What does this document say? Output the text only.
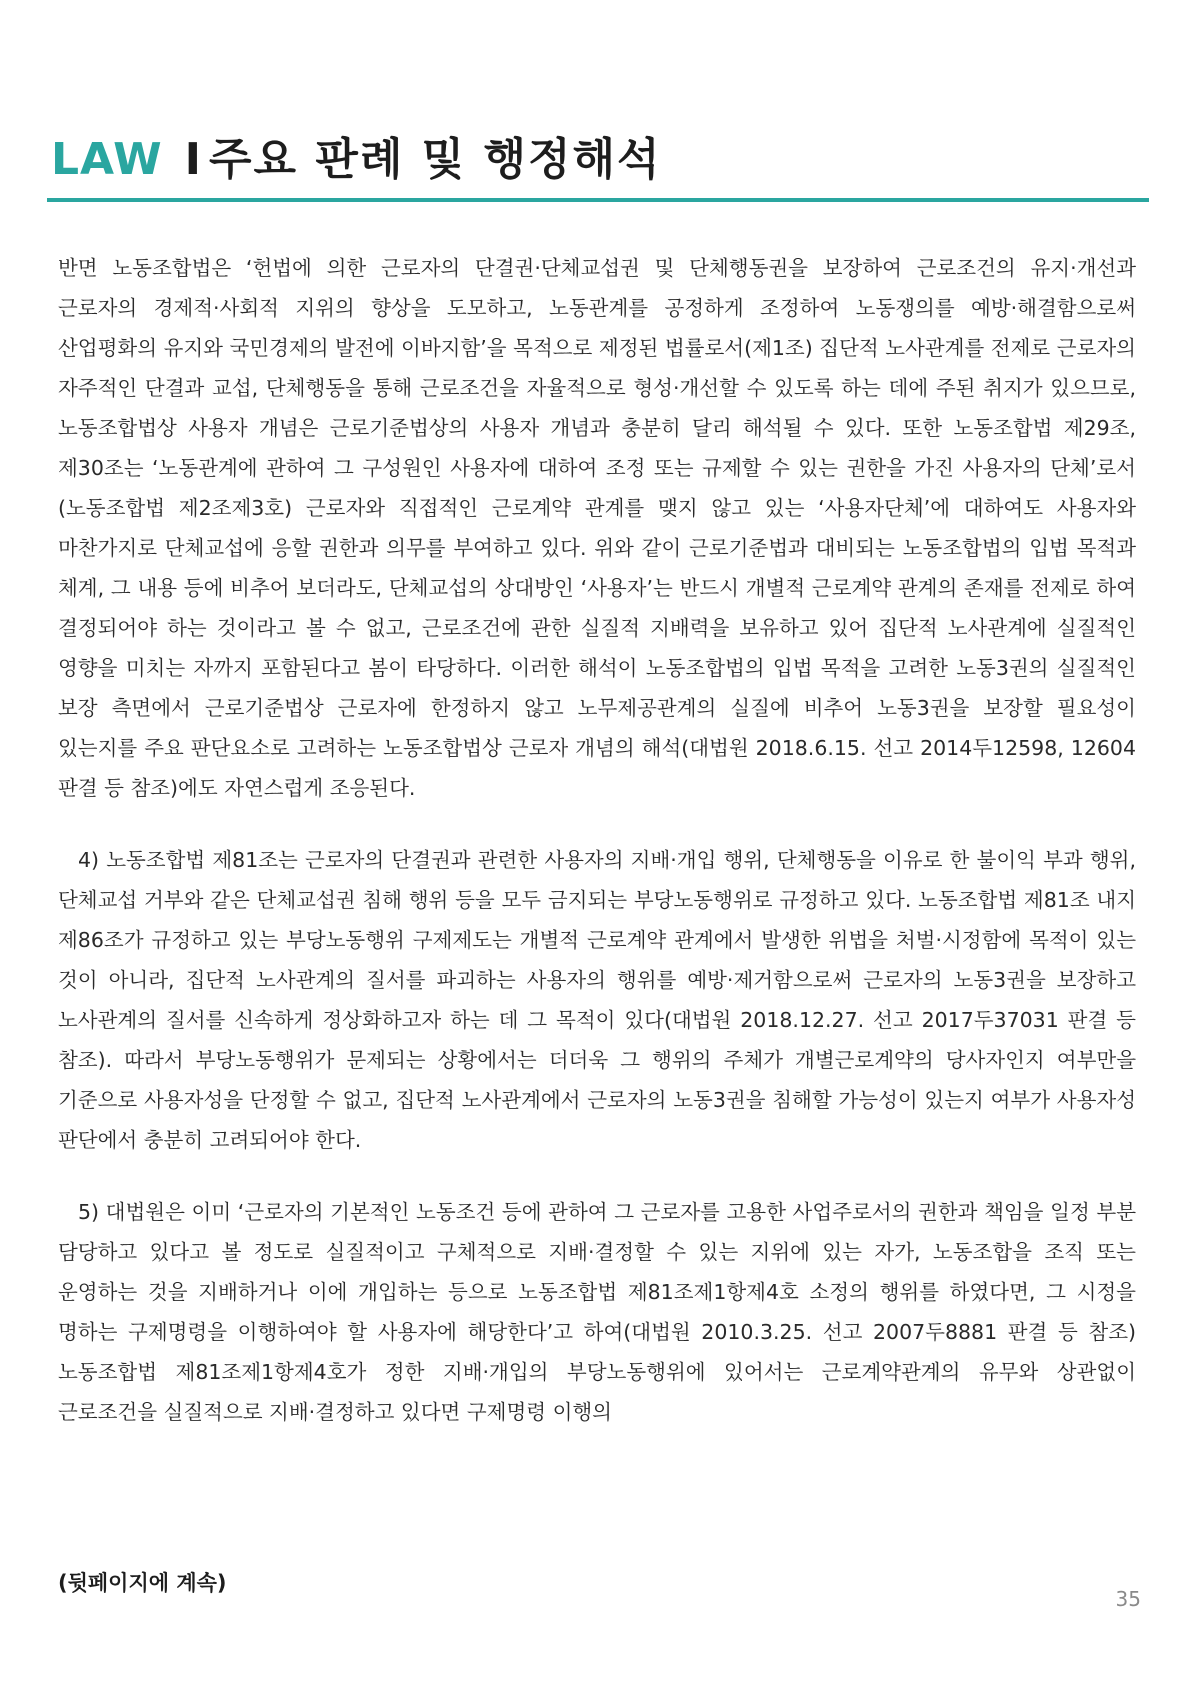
LAW I 주요 판례 및 행정해석

반면 노동조합법은 ‘헌법에 의한 근로자의 단결권·단체교섭권 및 단체행동권을 보장하여 근로조건의 유지·개선과 근로자의 경제적·사회적 지위의 향상을 도모하고, 노동관계를 공정하게 조정하여 노동쟁의를 예방·해결함으로써 산업평화의 유지와 국민경제의 발전에 이바지함’을 목적으로 제정된 법률로서(제1조) 집단적 노사관계를 전제로 근로자의 자주적인 단결과 교섭, 단체행동을 통해 근로조건을 자율적으로 형성·개선할 수 있도록 하는 데에 주된 취지가 있으므로, 노동조합법상 사용자 개념은 근로기준법상의 사용자 개념과 충분히 달리 해석될 수 있다. 또한 노동조합법 제29조, 제30조는 ‘노동관계에 관하여 그 구성원인 사용자에 대하여 조정 또는 규제할 수 있는 권한을 가진 사용자의 단체’로서(노동조합법 제2조제3호) 근로자와 직접적인 근로계약 관계를 맺지 않고 있는 ‘사용자단체’에 대하여도 사용자와 마찬가지로 단체교섭에 응할 권한과 의무를 부여하고 있다. 위와 같이 근로기준법과 대비되는 노동조합법의 입법 목적과 체계, 그 내용 등에 비추어 보더라도, 단체교섭의 상대방인 ‘사용자’는 반드시 개별적 근로계약 관계의 존재를 전제로 하여 결정되어야 하는 것이라고 볼 수 없고, 근로조건에 관한 실질적 지배력을 보유하고 있어 집단적 노사관계에 실질적인 영향을 미치는 자까지 포함된다고 봄이 타당하다. 이러한 해석이 노동조합법의 입법 목적을 고려한 노동3권의 실질적인 보장 측면에서 근로기준법상 근로자에 한정하지 않고 노무제공관계의 실질에 비추어 노동3권을 보장할 필요성이 있는지를 주요 판단요소로 고려하는 노동조합법상 근로자 개념의 해석(대법원 2018.6.15. 선고 2014두12598, 12604 판결 등 참조)에도 자연스럽게 조응된다.

4) 노동조합법 제81조는 근로자의 단결권과 관련한 사용자의 지배·개입 행위, 단체행동을 이유로 한 불이익 부과 행위, 단체교섭 거부와 같은 단체교섭권 침해 행위 등을 모두 금지되는 부당노동행위로 규정하고 있다. 노동조합법 제81조 내지 제86조가 규정하고 있는 부당노동행위 구제제도는 개별적 근로계약 관계에서 발생한 위법을 처벌·시정함에 목적이 있는 것이 아니라, 집단적 노사관계의 질서를 파괴하는 사용자의 행위를 예방·제거함으로써 근로자의 노동3권을 보장하고 노사관계의 질서를 신속하게 정상화하고자 하는 데 그 목적이 있다(대법원 2018.12.27. 선고 2017두37031 판결 등 참조). 따라서 부당노동행위가 문제되는 상황에서는 더더욱 그 행위의 주체가 개별근로계약의 당사자인지 여부만을 기준으로 사용자성을 단정할 수 없고, 집단적 노사관계에서 근로자의 노동3권을 침해할 가능성이 있는지 여부가 사용자성 판단에서 충분히 고려되어야 한다.

5) 대법원은 이미 ‘근로자의 기본적인 노동조건 등에 관하여 그 근로자를 고용한 사업주로서의 권한과 책임을 일정 부분 담당하고 있다고 볼 정도로 실질적이고 구체적으로 지배·결정할 수 있는 지위에 있는 자가, 노동조합을 조직 또는 운영하는 것을 지배하거나 이에 개입하는 등으로 노동조합법 제81조제1항제4호 소정의 행위를 하였다면, 그 시정을 명하는 구제명령을 이행하여야 할 사용자에 해당한다’고 하여(대법원 2010.3.25. 선고 2007두8881 판결 등 참조) 노동조합법 제81조제1항제4호가 정한 지배·개입의 부당노동행위에 있어서는 근로계약관계의 유무와 상관없이 근로조건을 실질적으로 지배·결정하고 있다면 구제명령 이행의

(뒷페이지에 계속)

35
